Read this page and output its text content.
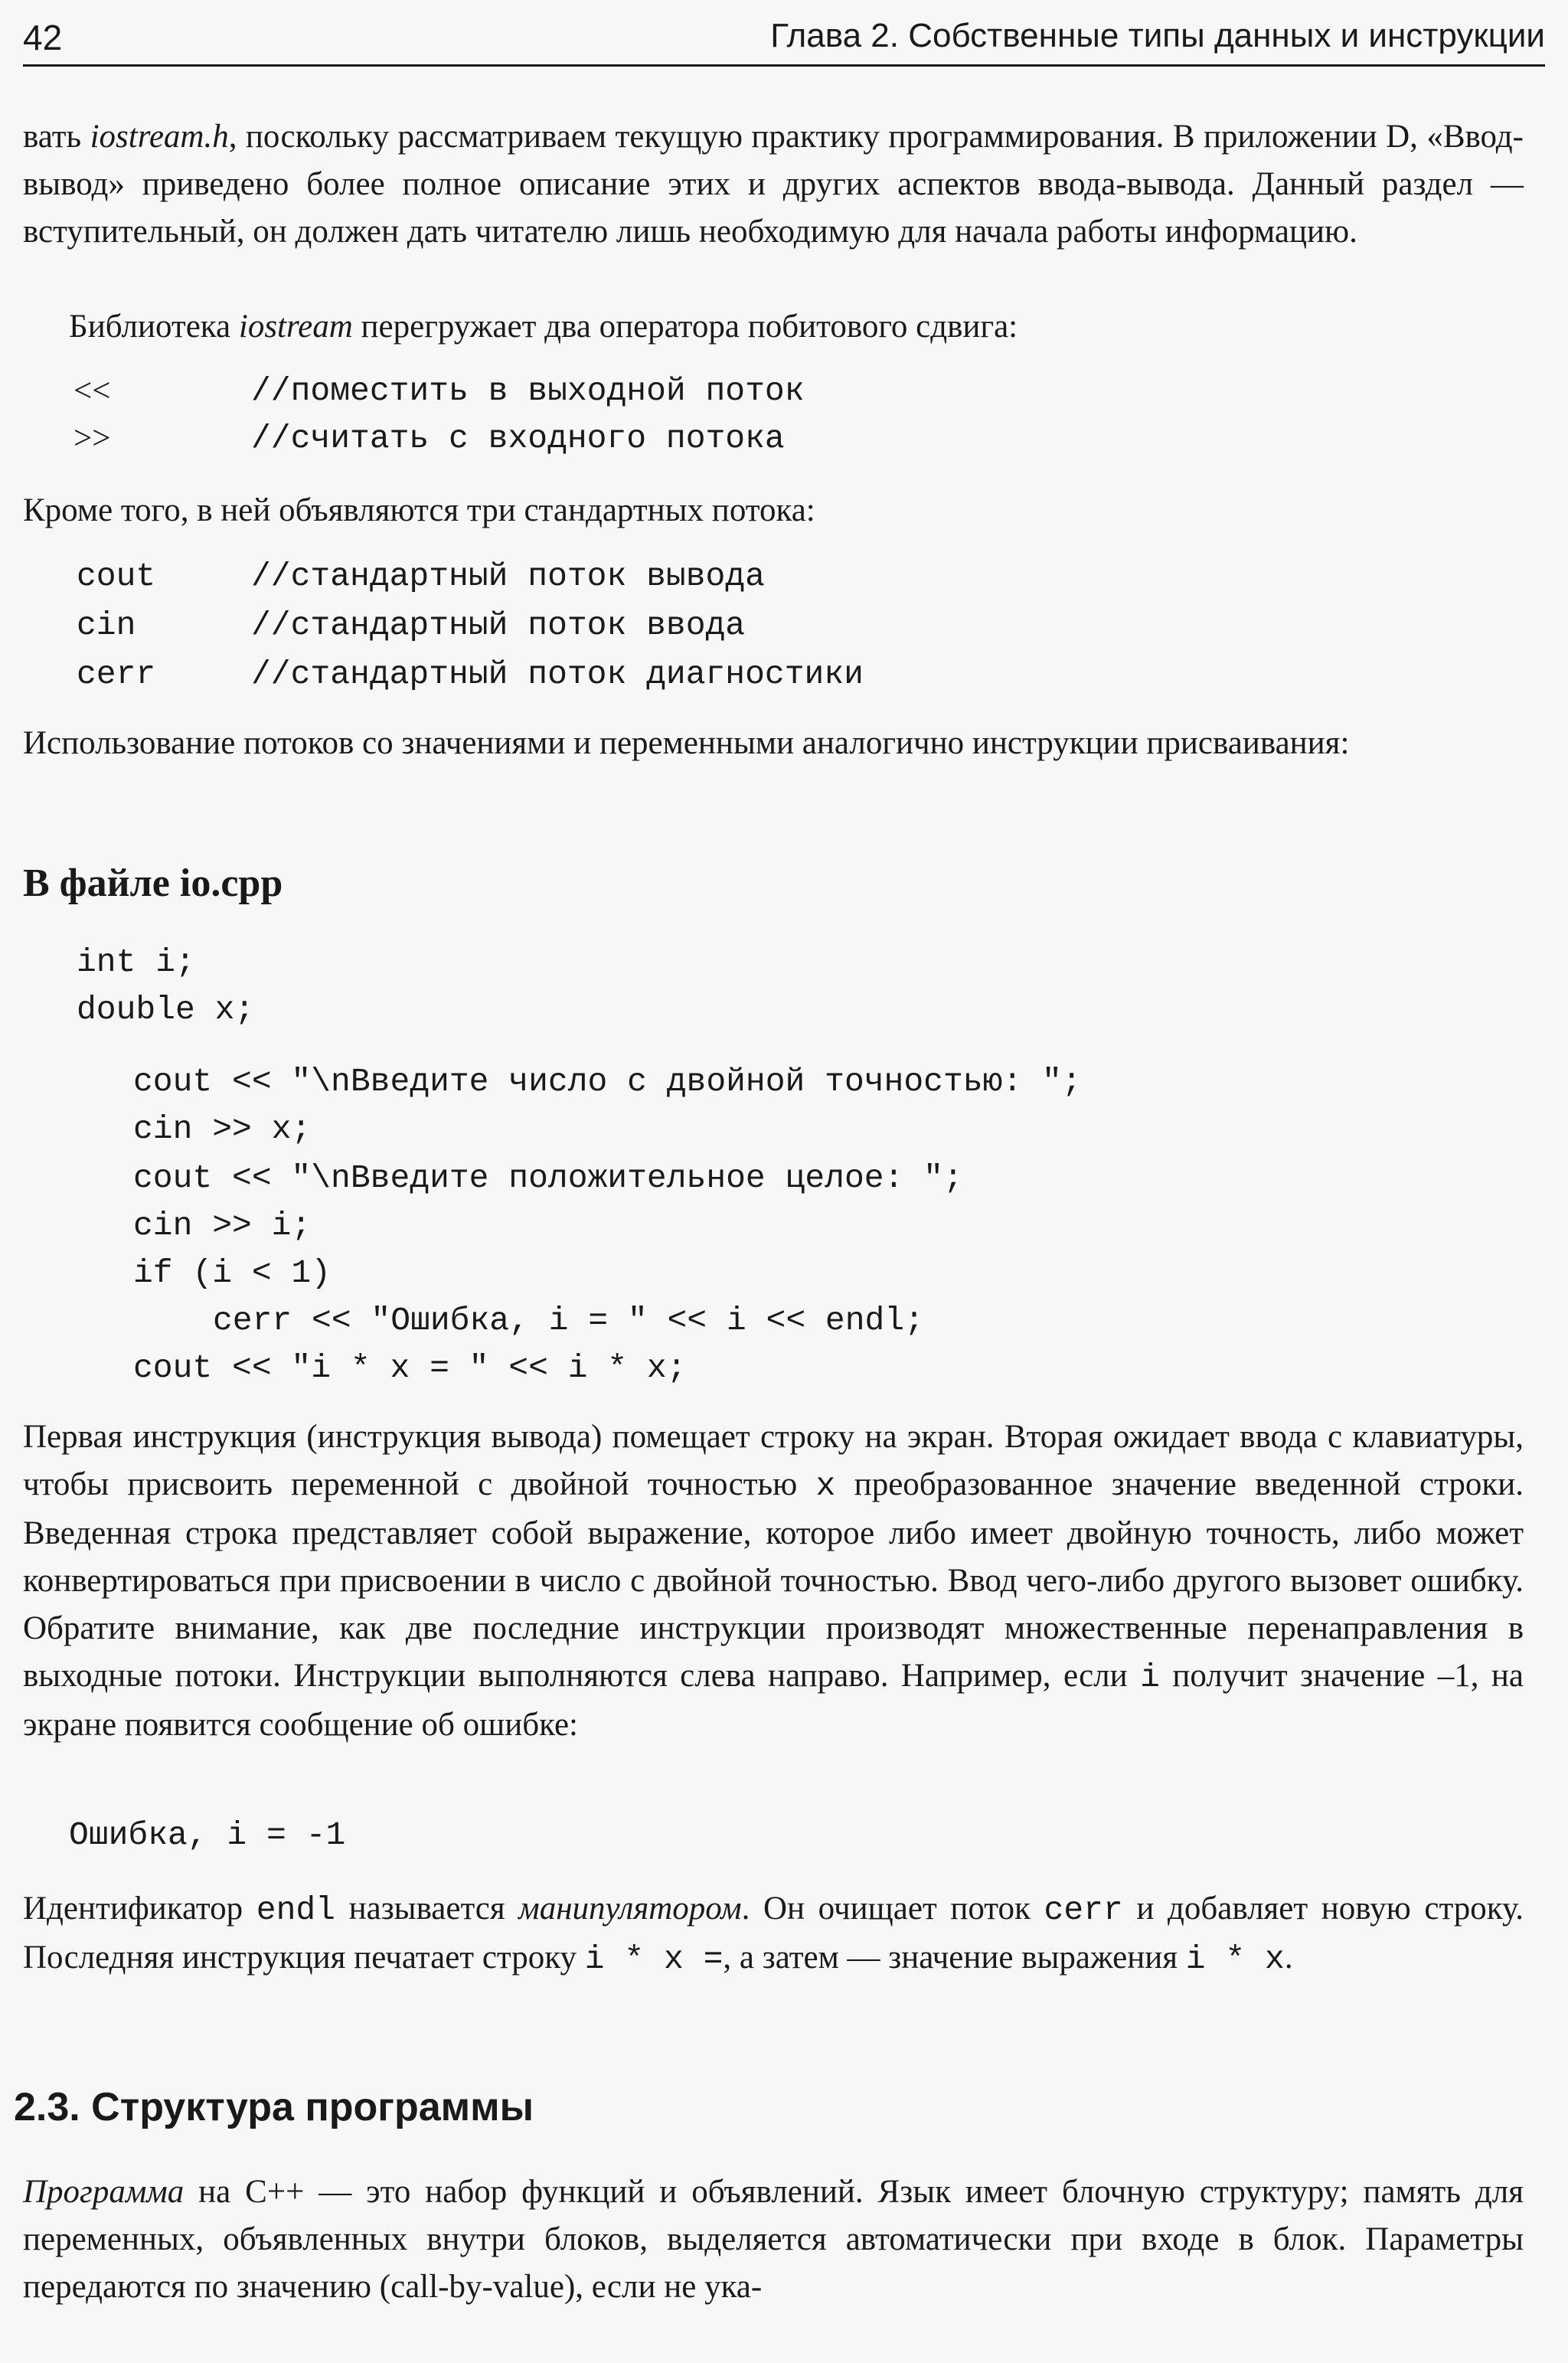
42	Глава 2. Собственные типы данных и инструкции

вать iostream.h, поскольку рассматриваем текущую практику программирования. В приложении D, «Ввод-вывод» приведено более полное описание этих и других аспектов ввода-вывода. Данный раздел — вступительный, он должен дать читателю лишь необходимую для начала работы информацию.

Библиотека iostream перегружает два оператора побитового сдвига:

<<	//поместить в выходной поток
>>	//считать с входного потока

Кроме того, в ней объявляются три стандартных потока:

cout	//стандартный поток вывода
cin	//стандартный поток ввода
cerr	//стандартный поток диагностики

Использование потоков со значениями и переменными аналогично инструкции присваивания:

В файле io.cpp
int i;
double x;
cout << "\nВведите число с двойной точностью: ";
cin >> x;
cout << "\nВведите положительное целое: ";
cin >> i;
if (i < 1)
cerr << "Ошибка, i = " << i << endl;
cout << "i * x = " << i * x;

Первая инструкция (инструкция вывода) помещает строку на экран. Вторая ожидает ввода с клавиатуры, чтобы присвоить переменной с двойной точностью x преобразованное значение введенной строки. Введенная строка представляет собой выражение, которое либо имеет двойную точность, либо может конвертироваться при присвоении в число с двойной точностью. Ввод чего-либо другого вызовет ошибку. Обратите внимание, как две последние инструкции производят множественные перенаправления в выходные потоки. Инструкции выполняются слева направо. Например, если i получит значение –1, на экране появится сообщение об ошибке:

Ошибка, i = -1

Идентификатор endl называется манипулятором. Он очищает поток cerr и добавляет новую строку. Последняя инструкция печатает строку i * x =, а затем — значение выражения i * x.

2.3. Структура программы

Программа на С++ — это набор функций и объявлений. Язык имеет блочную структуру; память для переменных, объявленных внутри блоков, выделяется автоматически при входе в блок. Параметры передаются по значению (call-by-value), если не ука-
